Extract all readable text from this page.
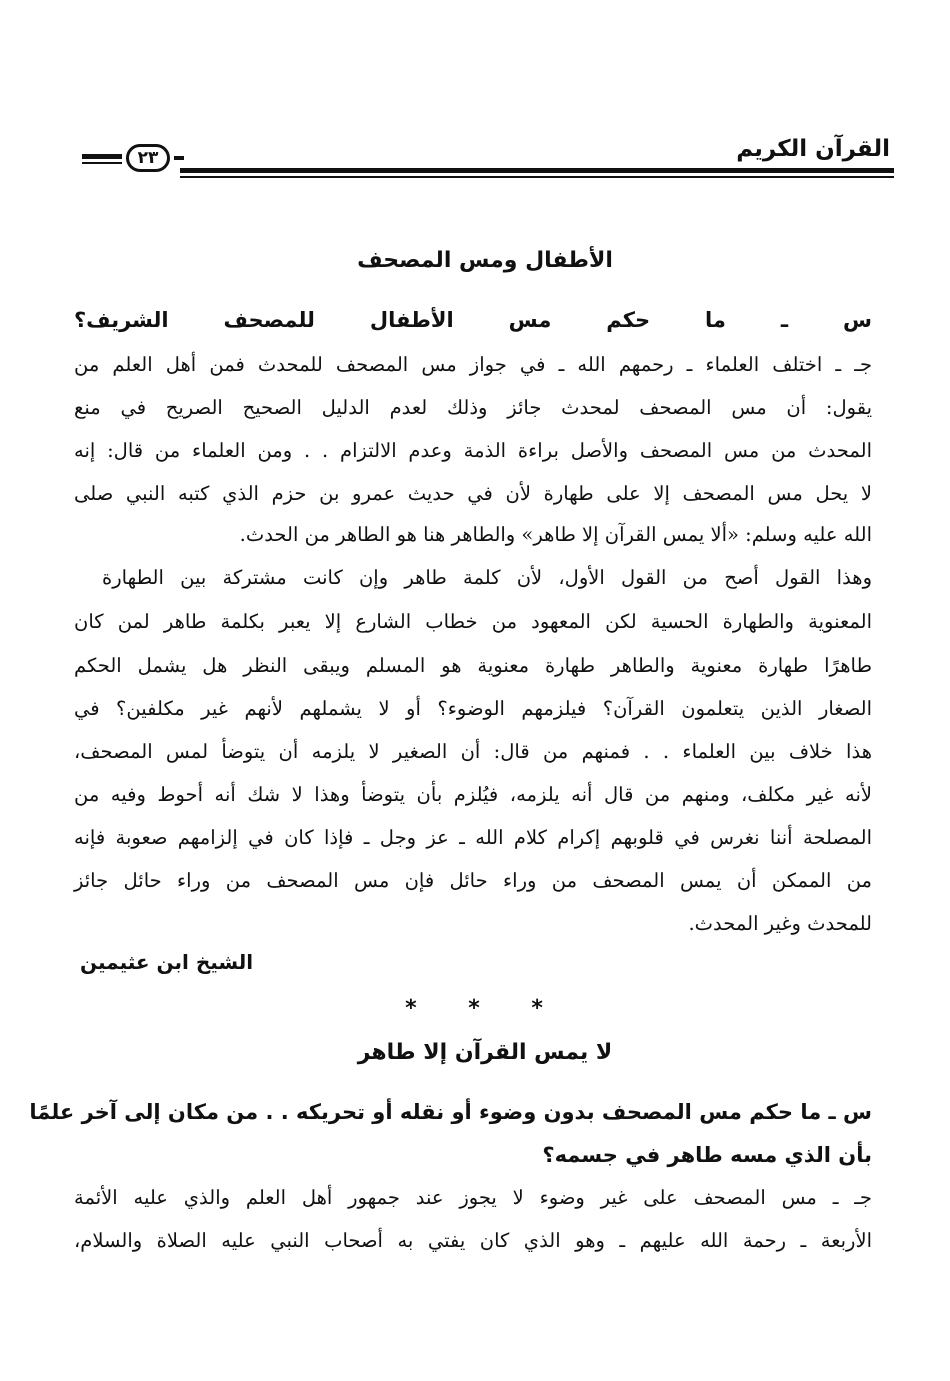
القرآن الكريم
٢٣
الأطفال ومس المصحف
س ـ ما حكم مس الأطفال للمصحف الشريف؟
جـ ـ اختلف العلماء ـ رحمهم الله ـ في جواز مس المصحف للمحدث فمن أهل العلم من
يقول: أن مس المصحف لمحدث جائز وذلك لعدم الدليل الصحيح الصريح في منع
المحدث من مس المصحف والأصل براءة الذمة وعدم الالتزام . . ومن العلماء من قال: إنه
لا يحل مس المصحف إلا على طهارة لأن في حديث عمرو بن حزم الذي كتبه النبي صلى
الله عليه وسلم: «ألا يمس القرآن إلا طاهر» والطاهر هنا هو الطاهر من الحدث.
وهذا القول أصح من القول الأول، لأن كلمة طاهر وإن كانت مشتركة بين الطهارة
المعنوية والطهارة الحسية لكن المعهود من خطاب الشارع إلا يعبر بكلمة طاهر لمن كان
طاهرًا طهارة معنوية والطاهر طهارة معنوية هو المسلم ويبقى النظر هل يشمل الحكم
الصغار الذين يتعلمون القرآن؟ فيلزمهم الوضوء؟ أو لا يشملهم لأنهم غير مكلفين؟ في
هذا خلاف بين العلماء . . فمنهم من قال: أن الصغير لا يلزمه أن يتوضأ لمس المصحف،
لأنه غير مكلف، ومنهم من قال أنه يلزمه، فيُلزم بأن يتوضأ وهذا لا شك أنه أحوط وفيه من
المصلحة أننا نغرس في قلوبهم إكرام كلام الله ـ عز وجل ـ فإذا كان في إلزامهم صعوبة فإنه
من الممكن أن يمس المصحف من وراء حائل فإن مس المصحف من وراء حائل جائز
للمحدث وغير المحدث.
الشيخ ابن عثيمين
* * *
لا يمس القرآن إلا طاهر
س ـ ما حكم مس المصحف بدون وضوء أو نقله أو تحريكه . . من مكان إلى آخر علمًا
بأن الذي مسه طاهر في جسمه؟
جـ ـ مس المصحف على غير وضوء لا يجوز عند جمهور أهل العلم والذي عليه الأئمة
الأربعة ـ رحمة الله عليهم ـ وهو الذي كان يفتي به أصحاب النبي عليه الصلاة والسلام،
